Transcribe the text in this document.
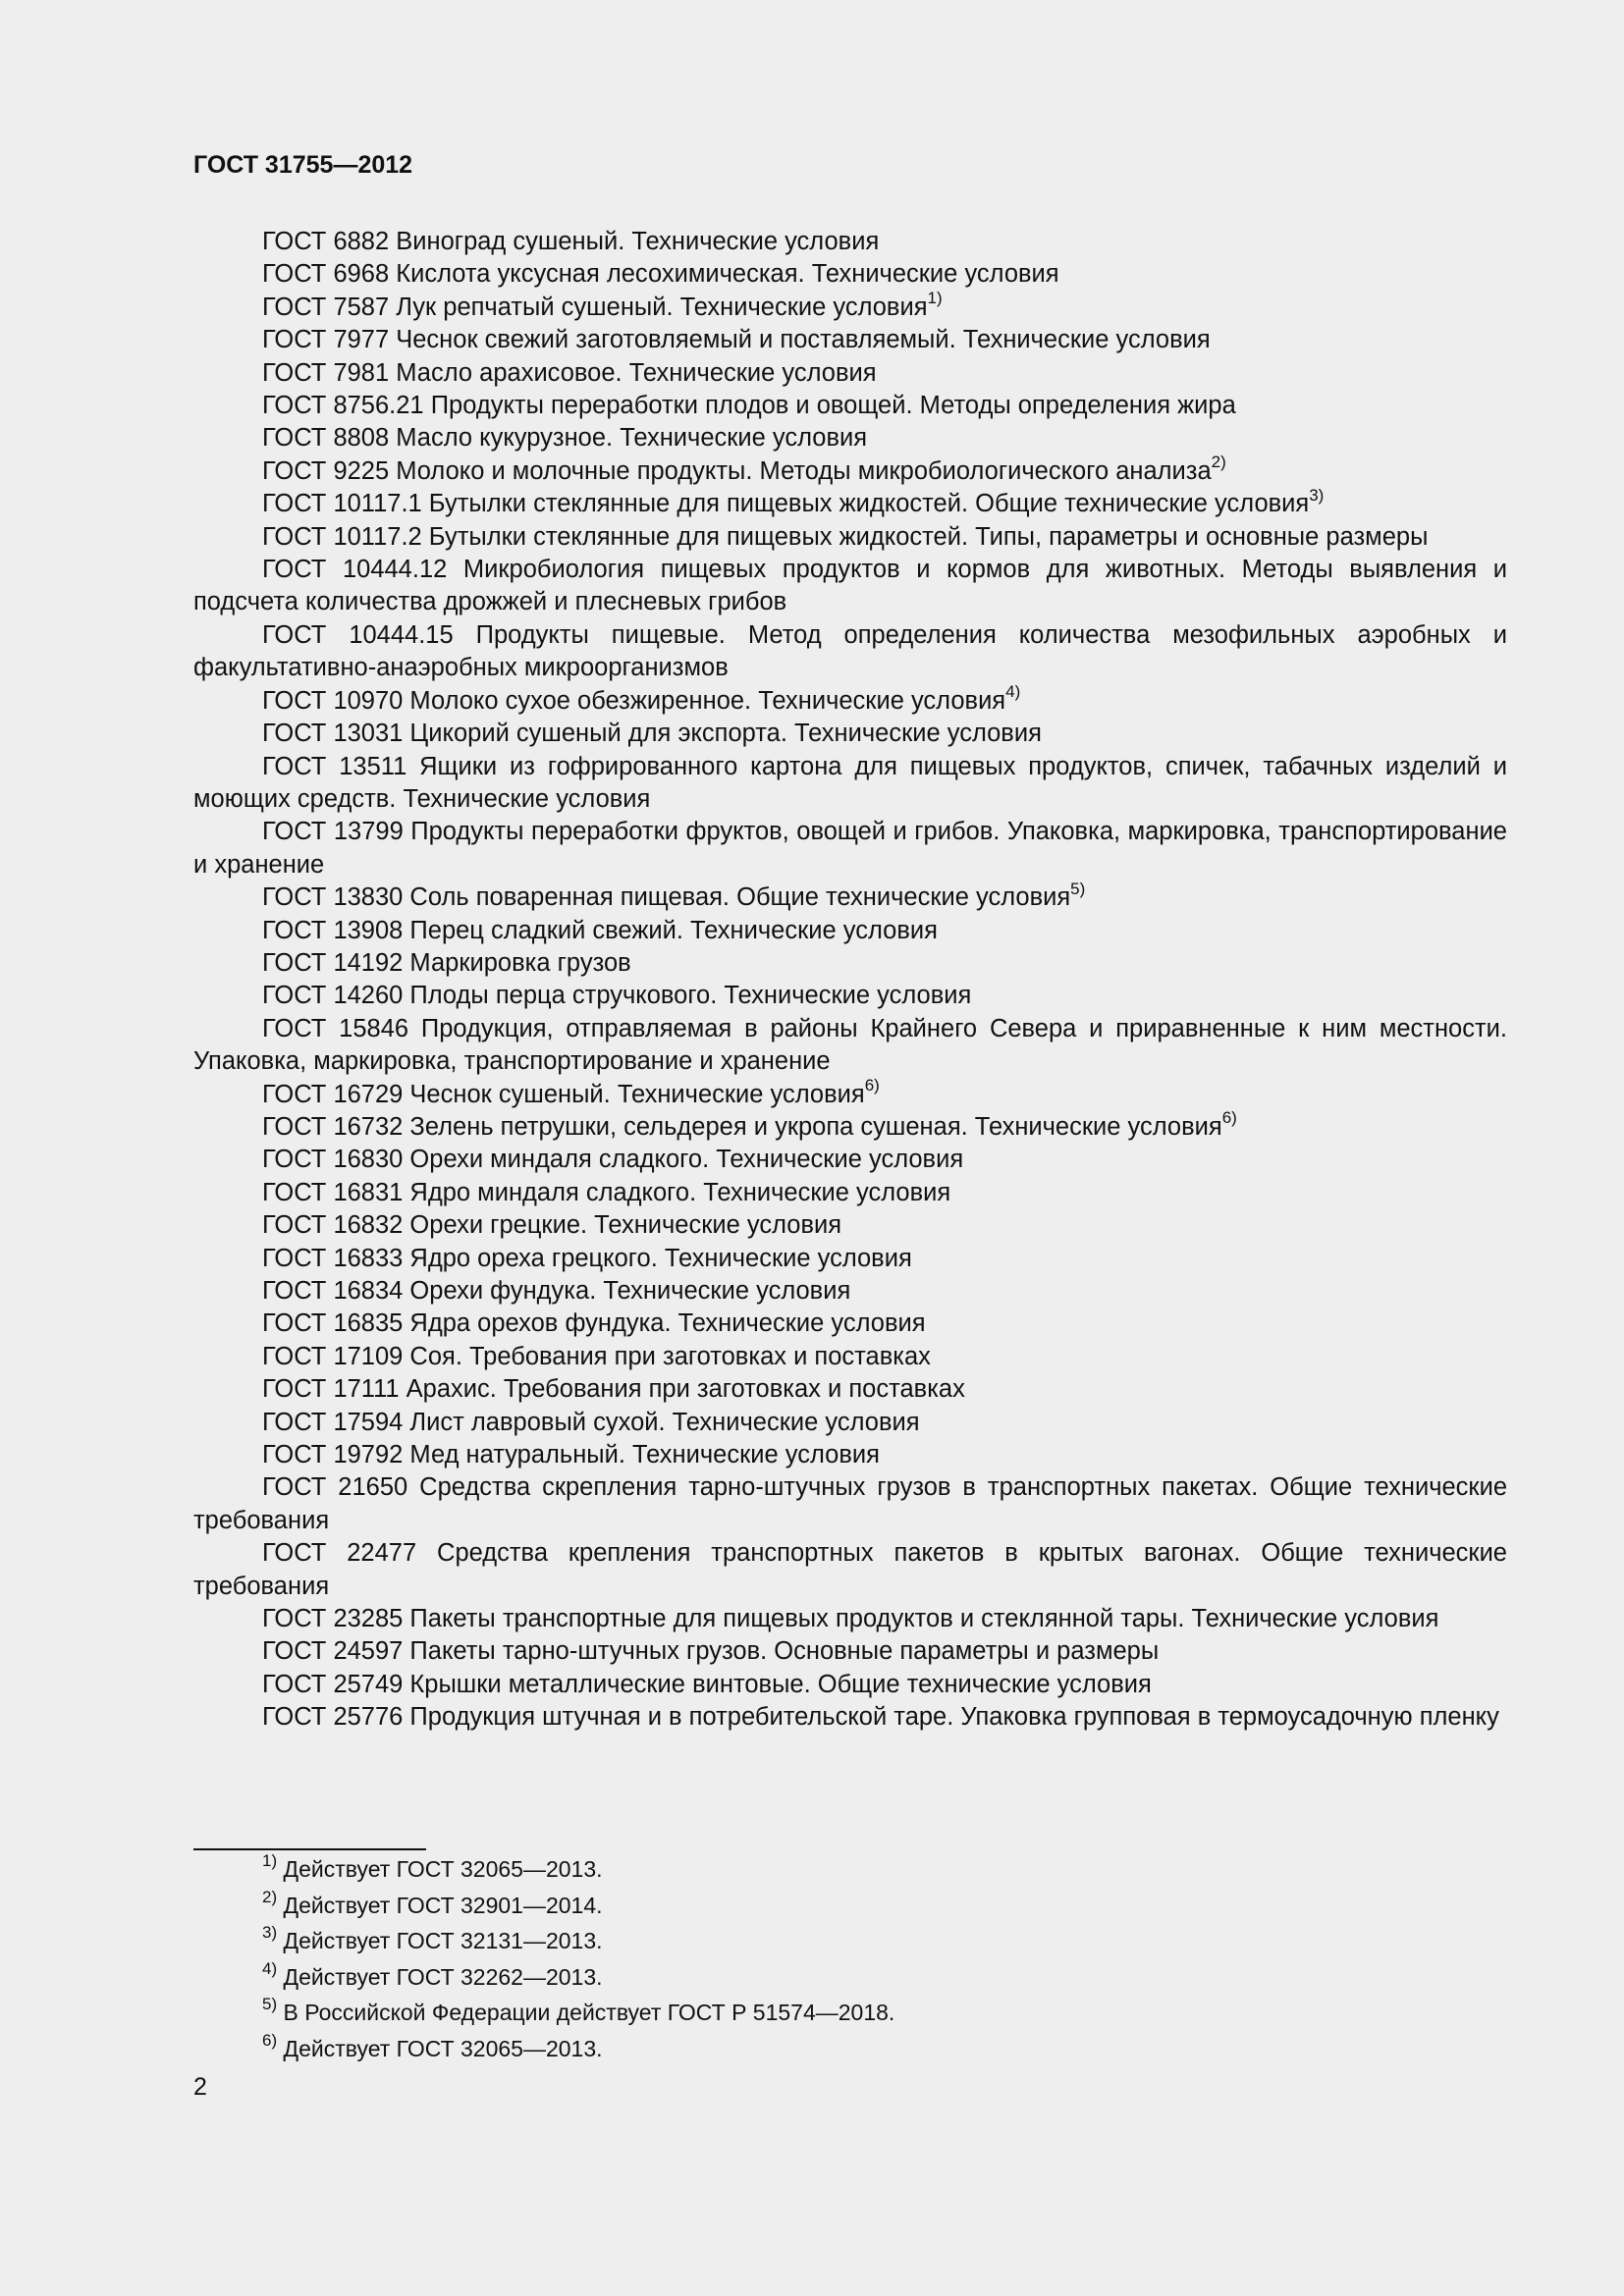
ГОСТ 31755—2012

ГОСТ 6882 Виноград сушеный. Технические условия

ГОСТ 6968 Кислота уксусная лесохимическая. Технические условия

ГОСТ 7587 Лук репчатый сушеный. Технические условия$^{1)}$

ГОСТ 7977 Чеснок свежий заготовляемый и поставляемый. Технические условия

ГОСТ 7981 Масло арахисовое. Технические условия

ГОСТ 8756.21 Продукты переработки плодов и овощей. Методы определения жира

ГОСТ 8808 Масло кукурузное. Технические условия

ГОСТ 9225 Молоко и молочные продукты. Методы микробиологического анализа$^{2)}$

ГОСТ 10117.1 Бутылки стеклянные для пищевых жидкостей. Общие технические условия$^{3)}$

ГОСТ 10117.2 Бутылки стеклянные для пищевых жидкостей. Типы, параметры и основные размеры

ГОСТ 10444.12 Микробиология пищевых продуктов и кормов для животных. Методы выявления и подсчета количества дрожжей и плесневых грибов

ГОСТ 10444.15 Продукты пищевые. Метод определения количества мезофильных аэробных и факультативно-анаэробных микроорганизмов

ГОСТ 10970 Молоко сухое обезжиренное. Технические условия$^{4)}$

ГОСТ 13031 Цикорий сушеный для экспорта. Технические условия

ГОСТ 13511 Ящики из гофрированного картона для пищевых продуктов, спичек, табачных изделий и моющих средств. Технические условия

ГОСТ 13799 Продукты переработки фруктов, овощей и грибов. Упаковка, маркировка, транспортирование и хранение

ГОСТ 13830 Соль поваренная пищевая. Общие технические условия$^{5)}$

ГОСТ 13908 Перец сладкий свежий. Технические условия

ГОСТ 14192 Маркировка грузов

ГОСТ 14260 Плоды перца стручкового. Технические условия

ГОСТ 15846 Продукция, отправляемая в районы Крайнего Севера и приравненные к ним местности. Упаковка, маркировка, транспортирование и хранение

ГОСТ 16729 Чеснок сушеный. Технические условия$^{6)}$

ГОСТ 16732 Зелень петрушки, сельдерея и укропа сушеная. Технические условия$^{6)}$

ГОСТ 16830 Орехи миндаля сладкого. Технические условия

ГОСТ 16831 Ядро миндаля сладкого. Технические условия

ГОСТ 16832 Орехи грецкие. Технические условия

ГОСТ 16833 Ядро ореха грецкого. Технические условия

ГОСТ 16834 Орехи фундука. Технические условия

ГОСТ 16835 Ядра орехов фундука. Технические условия

ГОСТ 17109 Соя. Требования при заготовках и поставках

ГОСТ 17111 Арахис. Требования при заготовках и поставках

ГОСТ 17594 Лист лавровый сухой. Технические условия

ГОСТ 19792 Мед натуральный. Технические условия

ГОСТ 21650 Средства скрепления тарно-штучных грузов в транспортных пакетах. Общие технические требования

ГОСТ 22477 Средства крепления транспортных пакетов в крытых вагонах. Общие технические требования

ГОСТ 23285 Пакеты транспортные для пищевых продуктов и стеклянной тары. Технические условия

ГОСТ 24597 Пакеты тарно-штучных грузов. Основные параметры и размеры

ГОСТ 25749 Крышки металлические винтовые. Общие технические условия

ГОСТ 25776 Продукция штучная и в потребительской таре. Упаковка групповая в термоусадочную пленку

$^{1)}$ Действует ГОСТ 32065—2013.

$^{2)}$ Действует ГОСТ 32901—2014.

$^{3)}$ Действует ГОСТ 32131—2013.

$^{4)}$ Действует ГОСТ 32262—2013.

$^{5)}$ В Российской Федерации действует ГОСТ Р 51574—2018.

$^{6)}$ Действует ГОСТ 32065—2013.

2
